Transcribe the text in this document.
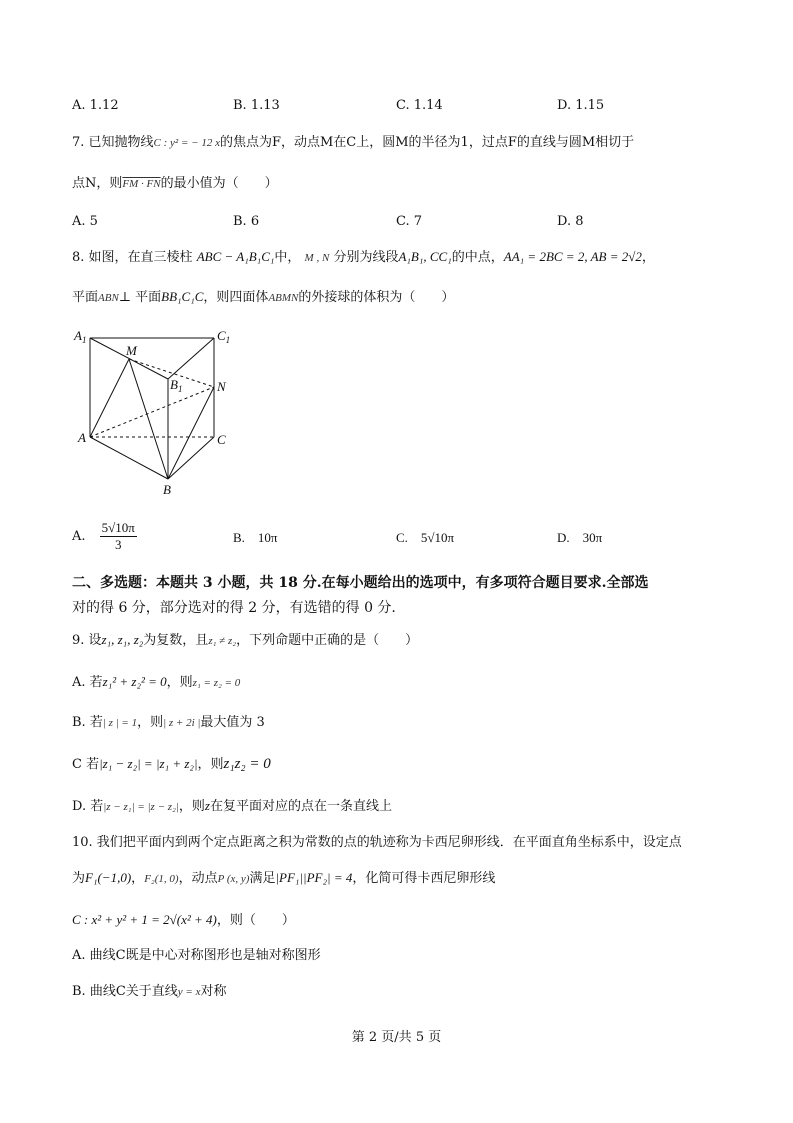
A. 1.12	B. 1.13	C. 1.14	D. 1.15
7. 已知抛物线C : y² = − 12 x的焦点为F，动点M在C上，圆M的半径为1，过点F的直线与圆M相切于
点N，则FM · FN的最小值为（　　）
A. 5	B. 6	C. 7	D. 8
8. 如图，在直三棱柱 ABC − A₁B₁C₁中， M , N 分别为线段A₁B₁, CC₁的中点，AA₁ = 2BC = 2, AB = 2√2，
平面ABN⊥ 平面BB₁C₁C，则四面体ABMN的外接球的体积为（　　）
$A_1$	$C_1$
M
$B_1$	N
A	C
B
A. $\frac{5√10\pi}{3}$	B.　10π	C.　5√10π	D.　30π
二、多选题：本题共 3 小题，共 18 分.在每小题给出的选项中，有多项符合题目要求.全部选
对的得 6 分，部分选对的得 2 分，有选错的得 0 分.
9. 设z₁, z₁, z₂为复数，且z₁ ≠ z₂，下列命题中正确的是（　　）
A. 若z₁² + z₂² = 0，则z₁ = z₂ = 0
B. 若| z | = 1，则| z + 2i |最大值为 3
C 若|z₁ − z₂| = |z₁ + z₂|，则z₁z₂ = 0
D. 若|z − z₁| = |z − z₂|，则z在复平面对应的点在一条直线上
10. 我们把平面内到两个定点距离之积为常数的点的轨迹称为卡西尼卵形线．在平面直角坐标系中，设定点
为F₁(−1,0)，F₂(1, 0)，动点P (x, y)满足|PF₁||PF₂| = 4，化简可得卡西尼卵形线
C : x² + y² + 1 = 2√(x² + 4)，则（　　）
A. 曲线C既是中心对称图形也是轴对称图形
B. 曲线C关于直线y = x对称
第 2 页/共 5 页
